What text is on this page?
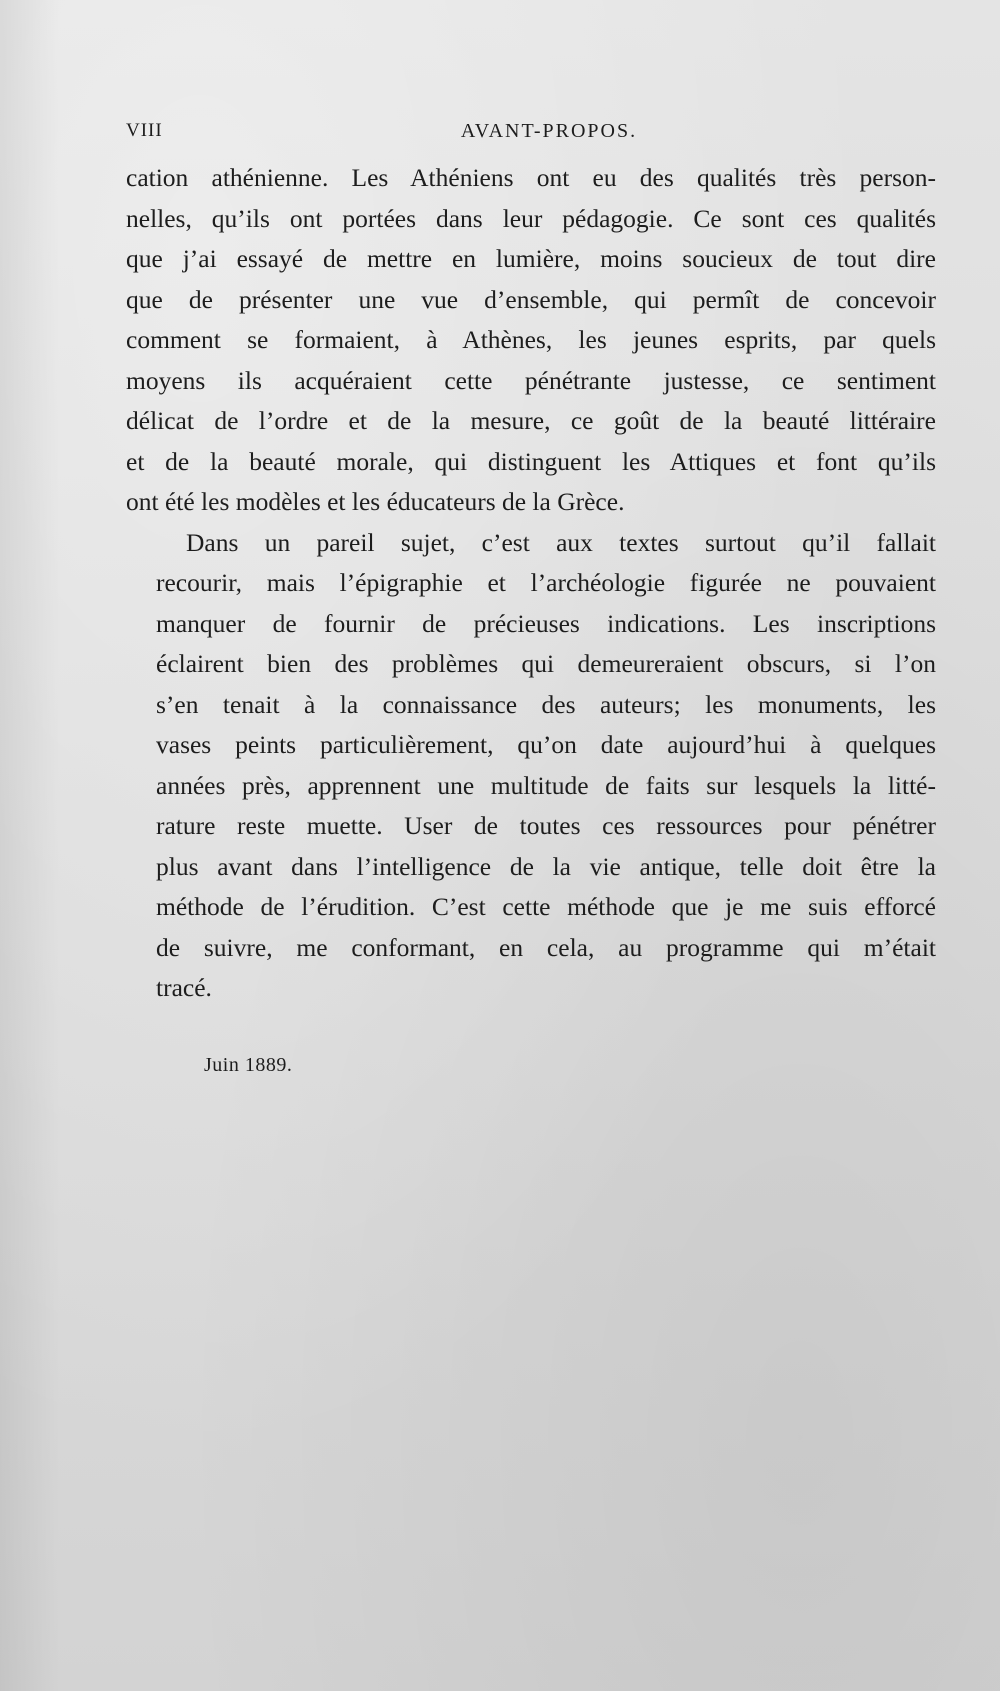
VIII	AVANT-PROPOS.

cation athénienne. Les Athéniens ont eu des qualités très person-
nelles, qu’ils ont portées dans leur pédagogie. Ce sont ces qualités
que j’ai essayé de mettre en lumière, moins soucieux de tout dire
que de présenter une vue d’ensemble, qui permît de concevoir
comment se formaient, à Athènes, les jeunes esprits, par quels
moyens ils acquéraient cette pénétrante justesse, ce sentiment
délicat de l’ordre et de la mesure, ce goût de la beauté littéraire
et de la beauté morale, qui distinguent les Attiques et font qu’ils
ont été les modèles et les éducateurs de la Grèce.

Dans un pareil sujet, c’est aux textes surtout qu’il fallait
recourir, mais l’épigraphie et l’archéologie figurée ne pouvaient
manquer de fournir de précieuses indications. Les inscriptions
éclairent bien des problèmes qui demeureraient obscurs, si l’on
s’en tenait à la connaissance des auteurs; les monuments, les
vases peints particulièrement, qu’on date aujourd’hui à quelques
années près, apprennent une multitude de faits sur lesquels la litté-
rature reste muette. User de toutes ces ressources pour pénétrer
plus avant dans l’intelligence de la vie antique, telle doit être la
méthode de l’érudition. C’est cette méthode que je me suis efforcé
de suivre, me conformant, en cela, au programme qui m’était
tracé.

Juin 1889.
